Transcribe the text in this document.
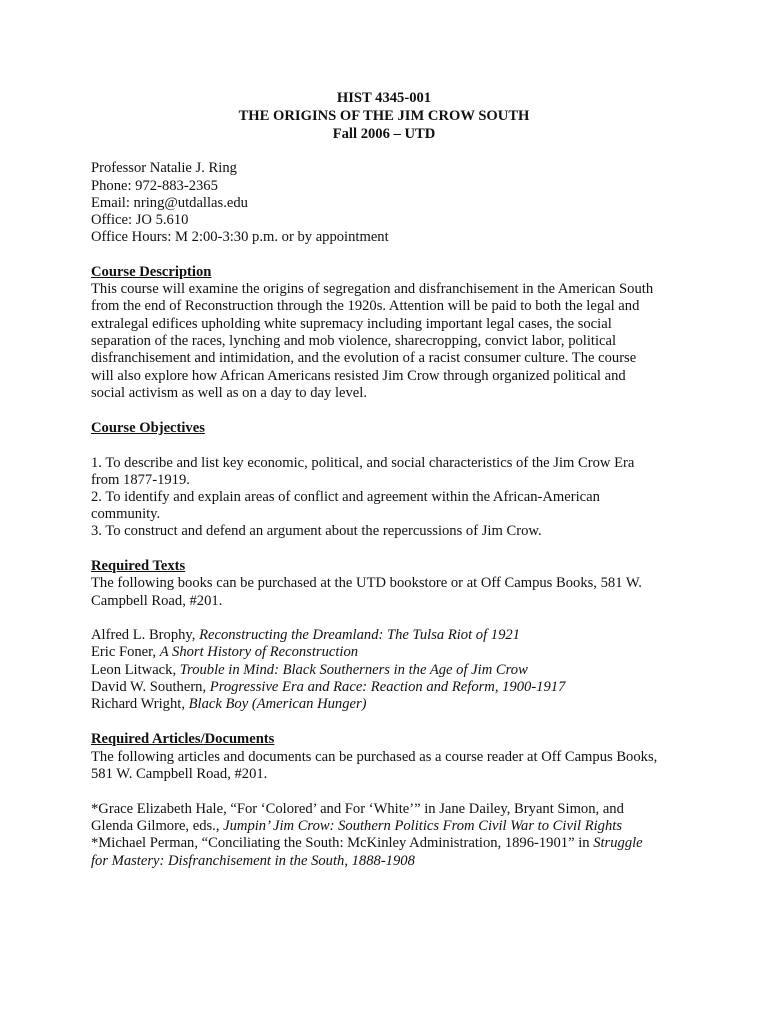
HIST 4345-001
THE ORIGINS OF THE JIM CROW SOUTH
Fall 2006 – UTD
Professor Natalie J. Ring
Phone: 972-883-2365
Email: nring@utdallas.edu
Office: JO 5.610
Office Hours: M 2:00-3:30 p.m. or by appointment
Course Description
This course will examine the origins of segregation and disfranchisement in the American South
from the end of Reconstruction through the 1920s. Attention will be paid to both the legal and
extralegal edifices upholding white supremacy including important legal cases, the social
separation of the races, lynching and mob violence, sharecropping, convict labor, political
disfranchisement and intimidation, and the evolution of a racist consumer culture. The course
will also explore how African Americans resisted Jim Crow through organized political and
social activism as well as on a day to day level.
Course Objectives
1. To describe and list key economic, political, and social characteristics of the Jim Crow Era
from 1877-1919.
2. To identify and explain areas of conflict and agreement within the African-American
community.
3. To construct and defend an argument about the repercussions of Jim Crow.
Required Texts
The following books can be purchased at the UTD bookstore or at Off Campus Books, 581 W.
Campbell Road, #201.
Alfred L. Brophy, Reconstructing the Dreamland: The Tulsa Riot of 1921
Eric Foner, A Short History of Reconstruction
Leon Litwack, Trouble in Mind: Black Southerners in the Age of Jim Crow
David W. Southern, Progressive Era and Race: Reaction and Reform, 1900-1917
Richard Wright, Black Boy (American Hunger)
Required Articles/Documents
The following articles and documents can be purchased as a course reader at Off Campus Books,
581 W. Campbell Road, #201.
*Grace Elizabeth Hale, “For ‘Colored’ and For ‘White’” in Jane Dailey, Bryant Simon, and
Glenda Gilmore, eds., Jumpin’ Jim Crow: Southern Politics From Civil War to Civil Rights
*Michael Perman, “Conciliating the South: McKinley Administration, 1896-1901” in Struggle
for Mastery: Disfranchisement in the South, 1888-1908
